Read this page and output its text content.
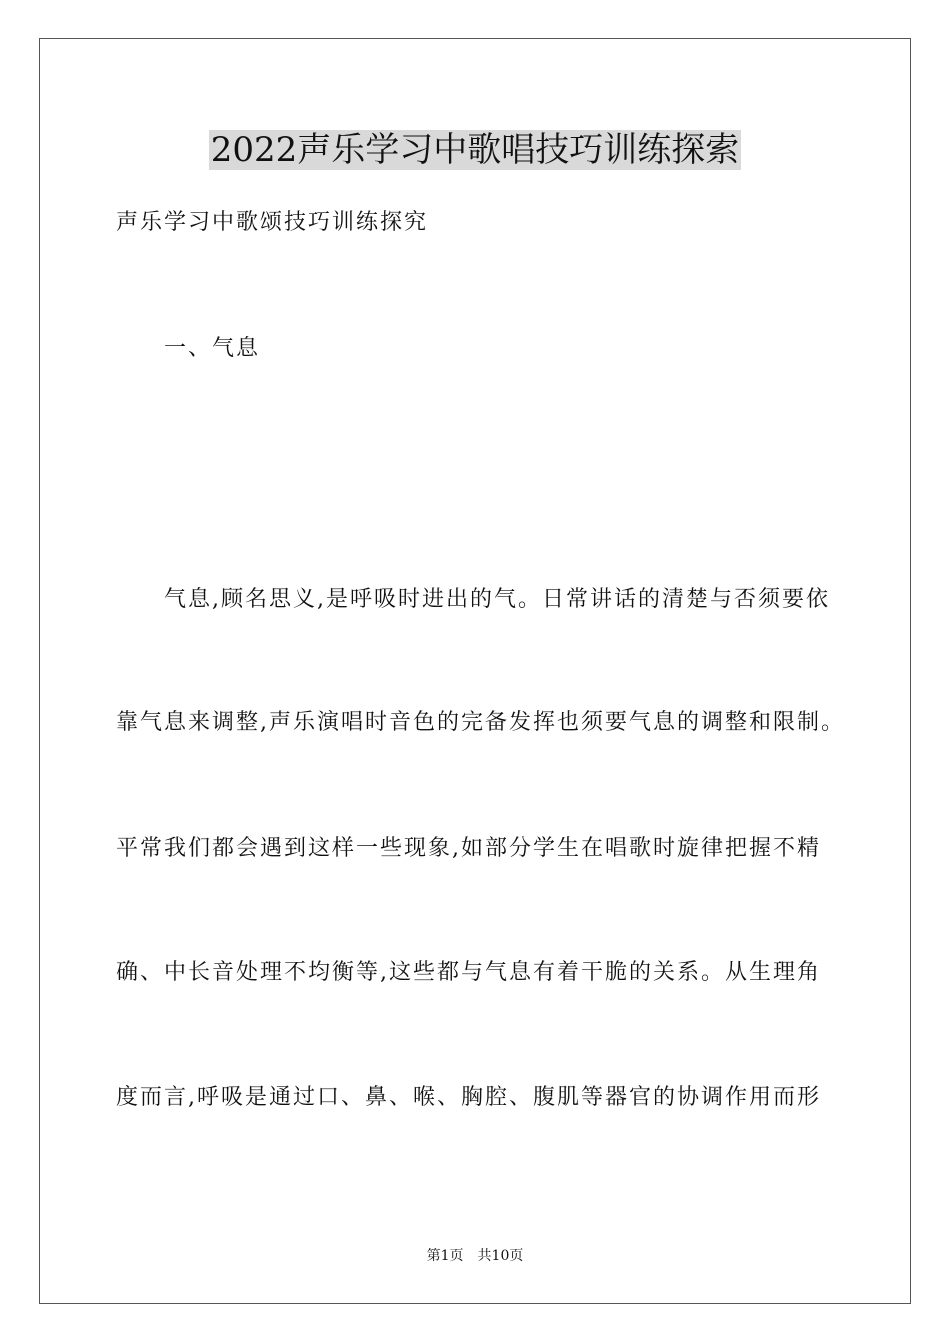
2022声乐学习中歌唱技巧训练探索
声乐学习中歌颂技巧训练探究
一、气息
气息,顾名思义,是呼吸时进出的气。日常讲话的清楚与否须要依
靠气息来调整,声乐演唱时音色的完备发挥也须要气息的调整和限制。
平常我们都会遇到这样一些现象,如部分学生在唱歌时旋律把握不精
确、中长音处理不均衡等,这些都与气息有着干脆的关系。从生理角
度而言,呼吸是通过口、鼻、喉、胸腔、腹肌等器官的协调作用而形
第1页　共10页
